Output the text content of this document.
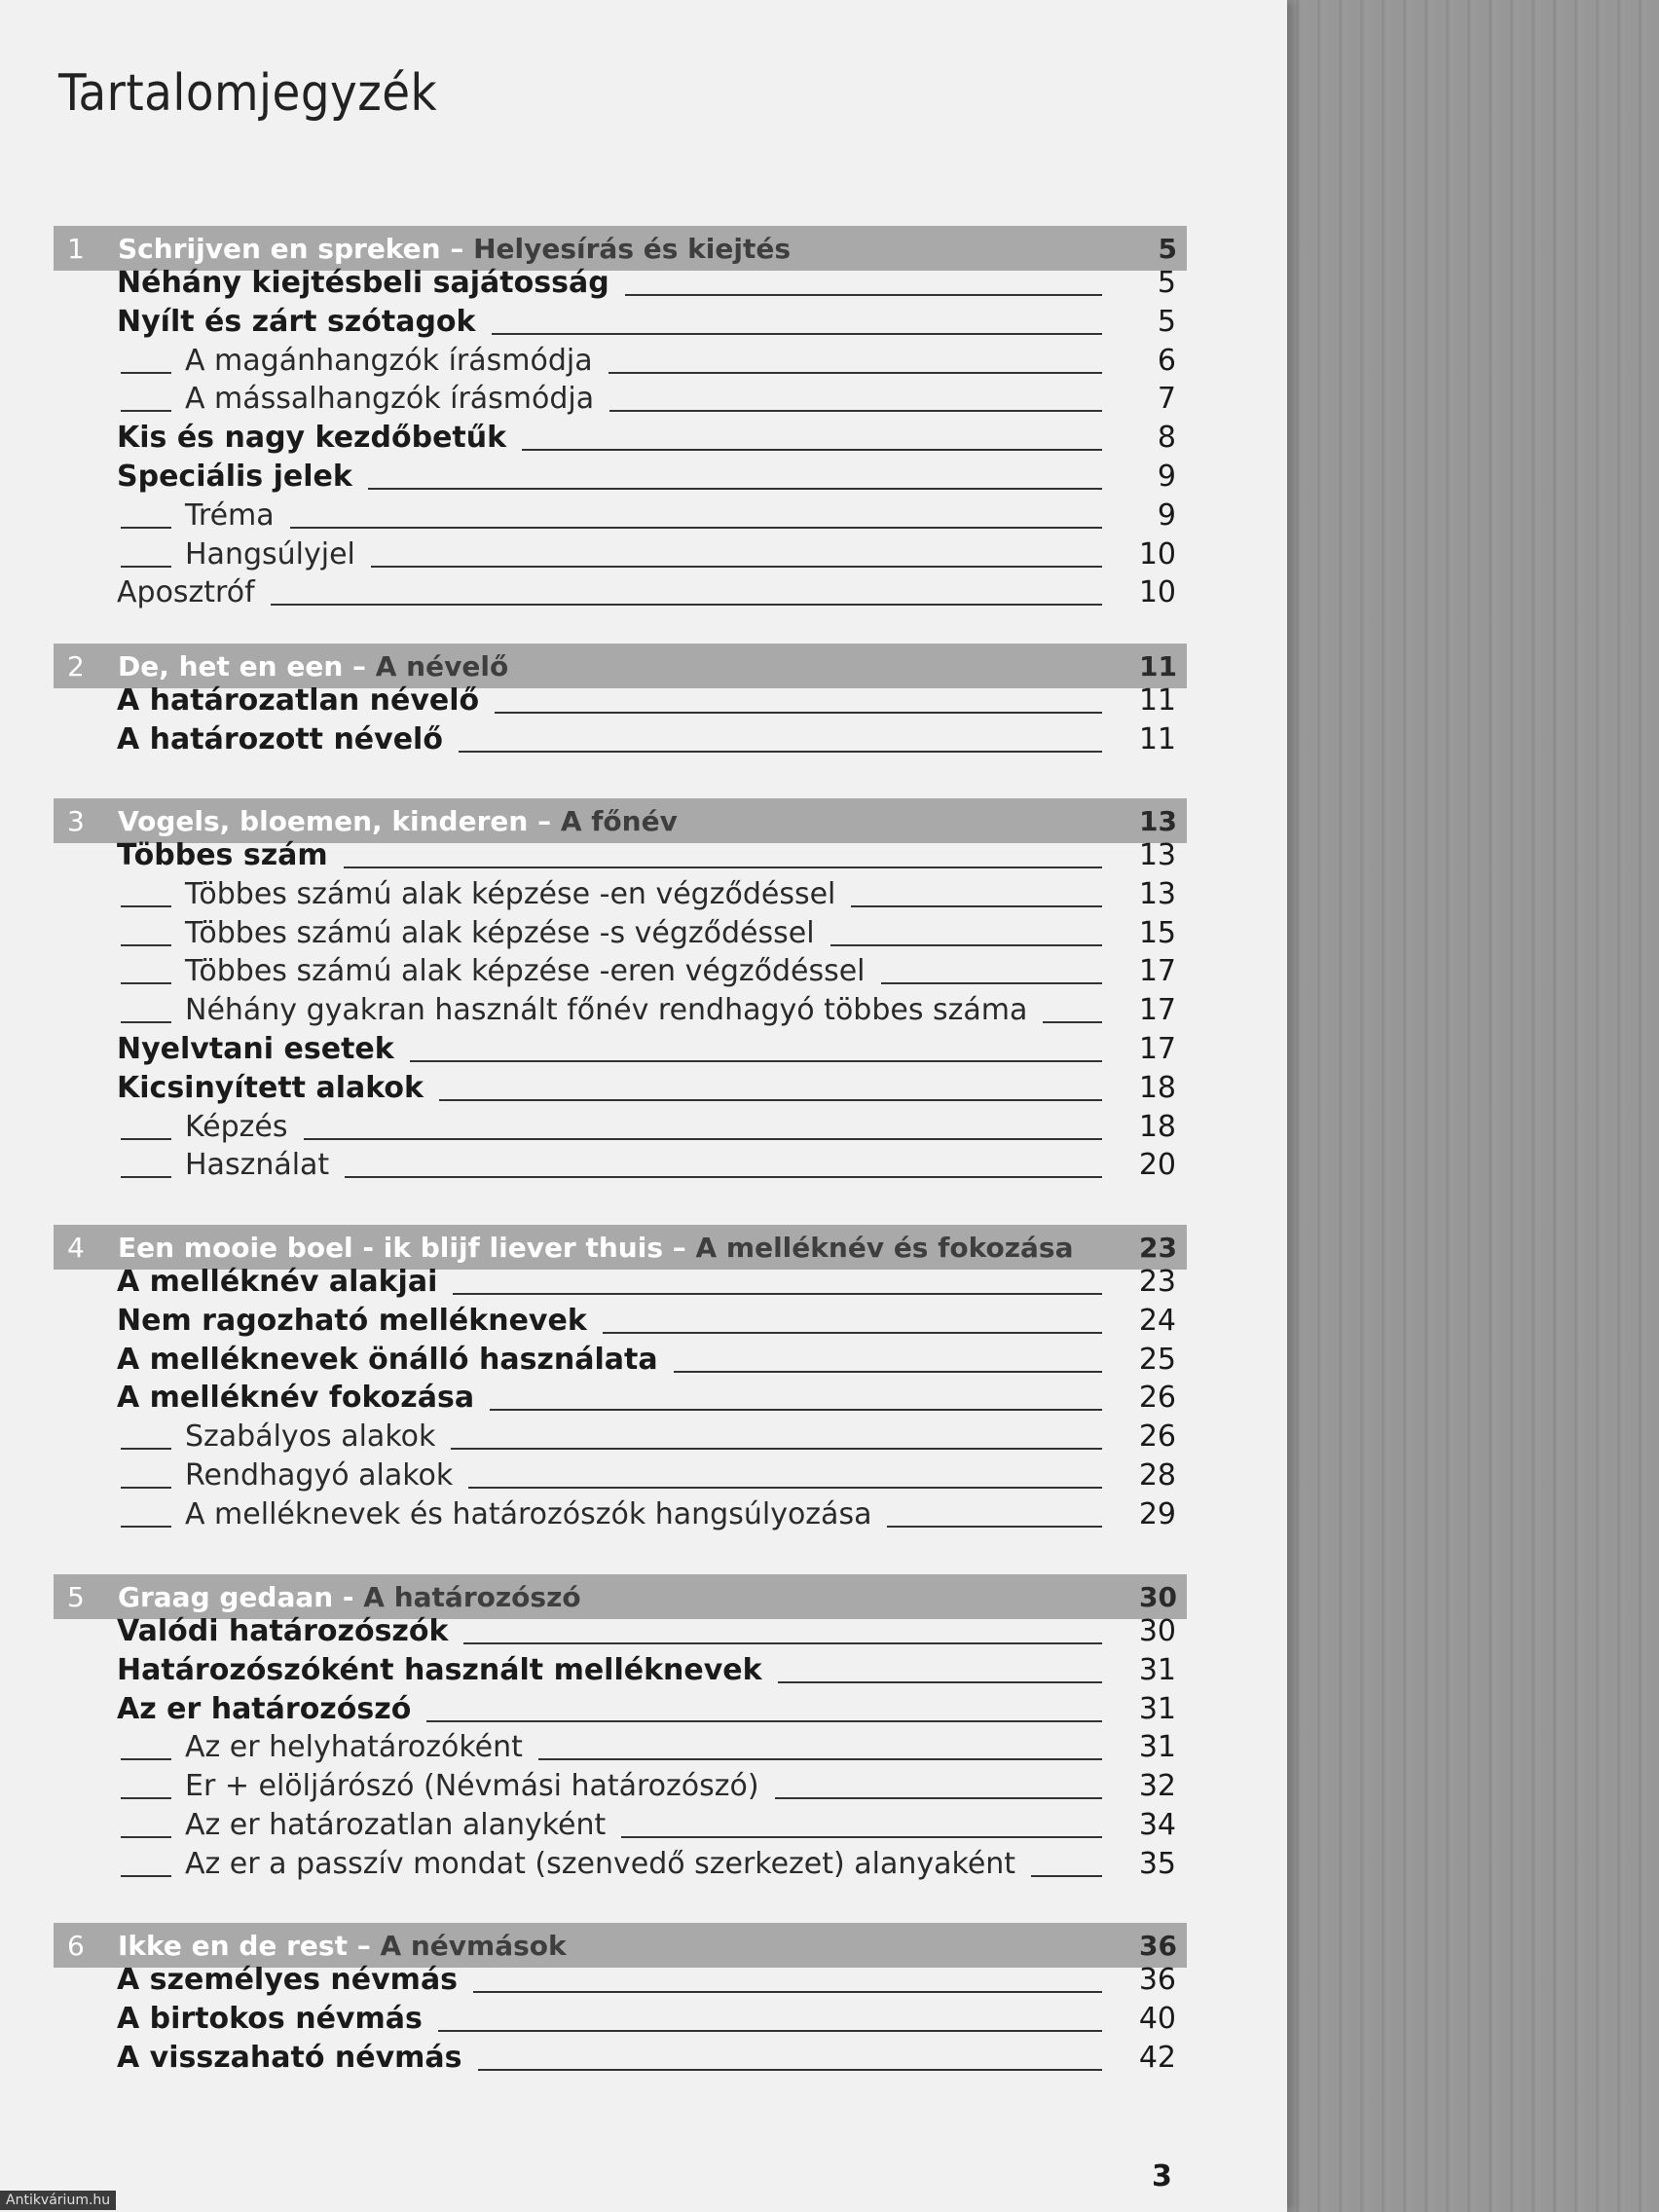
Tartalomjegyzék
1	Schrijven en spreken – Helyesírás és kiejtés	5
Néhány kiejtésbeli sajátosság	5
Nyílt és zárt szótagok	5
A magánhangzók írásmódja	6
A mássalhangzók írásmódja	7
Kis és nagy kezdőbetűk	8
Speciális jelek	9
Tréma	9
Hangsúlyjel	10
Aposztróf	10
2	De, het en een – A névelő	11
A határozatlan névelő	11
A határozott névelő	11
3	Vogels, bloemen, kinderen – A főnév	13
Többes szám	13
Többes számú alak képzése -en végződéssel	13
Többes számú alak képzése -s végződéssel	15
Többes számú alak képzése -eren végződéssel	17
Néhány gyakran használt főnév rendhagyó többes száma	17
Nyelvtani esetek	17
Kicsinyített alakok	18
Képzés	18
Használat	20
4	Een mooie boel - ik blijf liever thuis – A melléknév és fokozása 23
A melléknév alakjai	23
Nem ragozható melléknevek	24
A melléknevek önálló használata	25
A melléknév fokozása	26
Szabályos alakok	26
Rendhagyó alakok	28
A melléknevek és határozószók hangsúlyozása	29
5	Graag gedaan - A határozószó	30
Valódi határozószók	30
Határozószóként használt melléknevek	31
Az er határozószó	31
Az er helyhatározóként	31
Er + elöljárószó (Névmási határozószó)	32
Az er határozatlan alanyként	34
Az er a passzív mondat (szenvedő szerkezet) alanyaként	35
6	Ikke en de rest – A névmások	36
A személyes névmás	36
A birtokos névmás	40
A visszaható névmás	42
3
Antikvárium.hu
